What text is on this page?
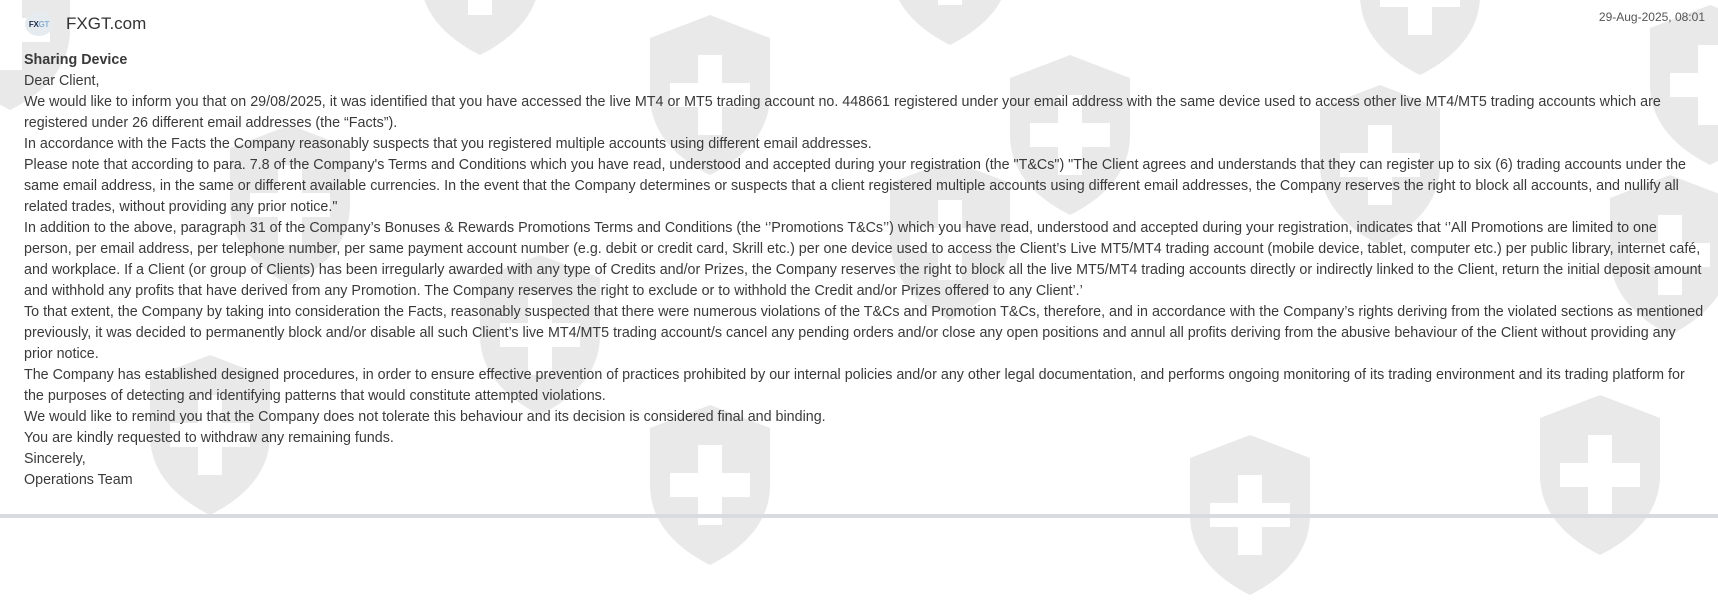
FX GT FXGT.com	29-Aug-2025, 08:01

Sharing Device

Dear Client,

We would like to inform you that on 29/08/2025, it was identified that you have accessed the live MT4 or MT5 trading account no. 448661 registered under your email address with the same device used to access other live MT4/MT5 trading accounts which are registered under 26 different email addresses (the “Facts”).

In accordance with the Facts the Company reasonably suspects that you registered multiple accounts using different email addresses.

Please note that according to para. 7.8 of the Company's Terms and Conditions which you have read, understood and accepted during your registration (the "T&Cs") "The Client agrees and understands that they can register up to six (6) trading accounts under the same email address, in the same or different available currencies. In the event that the Company determines or suspects that a client registered multiple accounts using different email addresses, the Company reserves the right to block all accounts, and nullify all related trades, without providing any prior notice."

In addition to the above, paragraph 31 of the Company’s Bonuses & Rewards Promotions Terms and Conditions (the ‘’Promotions T&Cs’’) which you have read, understood and accepted during your registration, indicates that ‘’All Promotions are limited to one person, per email address, per telephone number, per same payment account number (e.g. debit or credit card, Skrill etc.) per one device used to access the Client’s Live MT5/MT4 trading account (mobile device, tablet, computer etc.) per public library, internet café, and workplace. If a Client (or group of Clients) has been irregularly awarded with any type of Credits and/or Prizes, the Company reserves the right to block all the live MT5/MT4 trading accounts directly or indirectly linked to the Client, return the initial deposit amount and withhold any profits that have derived from any Promotion. The Company reserves the right to exclude or to withhold the Credit and/or Prizes offered to any Client’.’

To that extent, the Company by taking into consideration the Facts, reasonably suspected that there were numerous violations of the T&Cs and Promotion T&Cs, therefore, and in accordance with the Company’s rights deriving from the violated sections as mentioned previously, it was decided to permanently block and/or disable all such Client’s live MT4/MT5 trading account/s cancel any pending orders and/or close any open positions and annul all profits deriving from the abusive behaviour of the Client without providing any prior notice.

The Company has established designed procedures, in order to ensure effective prevention of practices prohibited by our internal policies and/or any other legal documentation, and performs ongoing monitoring of its trading environment and its trading platform for the purposes of detecting and identifying patterns that would constitute attempted violations.

We would like to remind you that the Company does not tolerate this behaviour and its decision is considered final and binding.

You are kindly requested to withdraw any remaining funds.

Sincerely,

Operations Team
